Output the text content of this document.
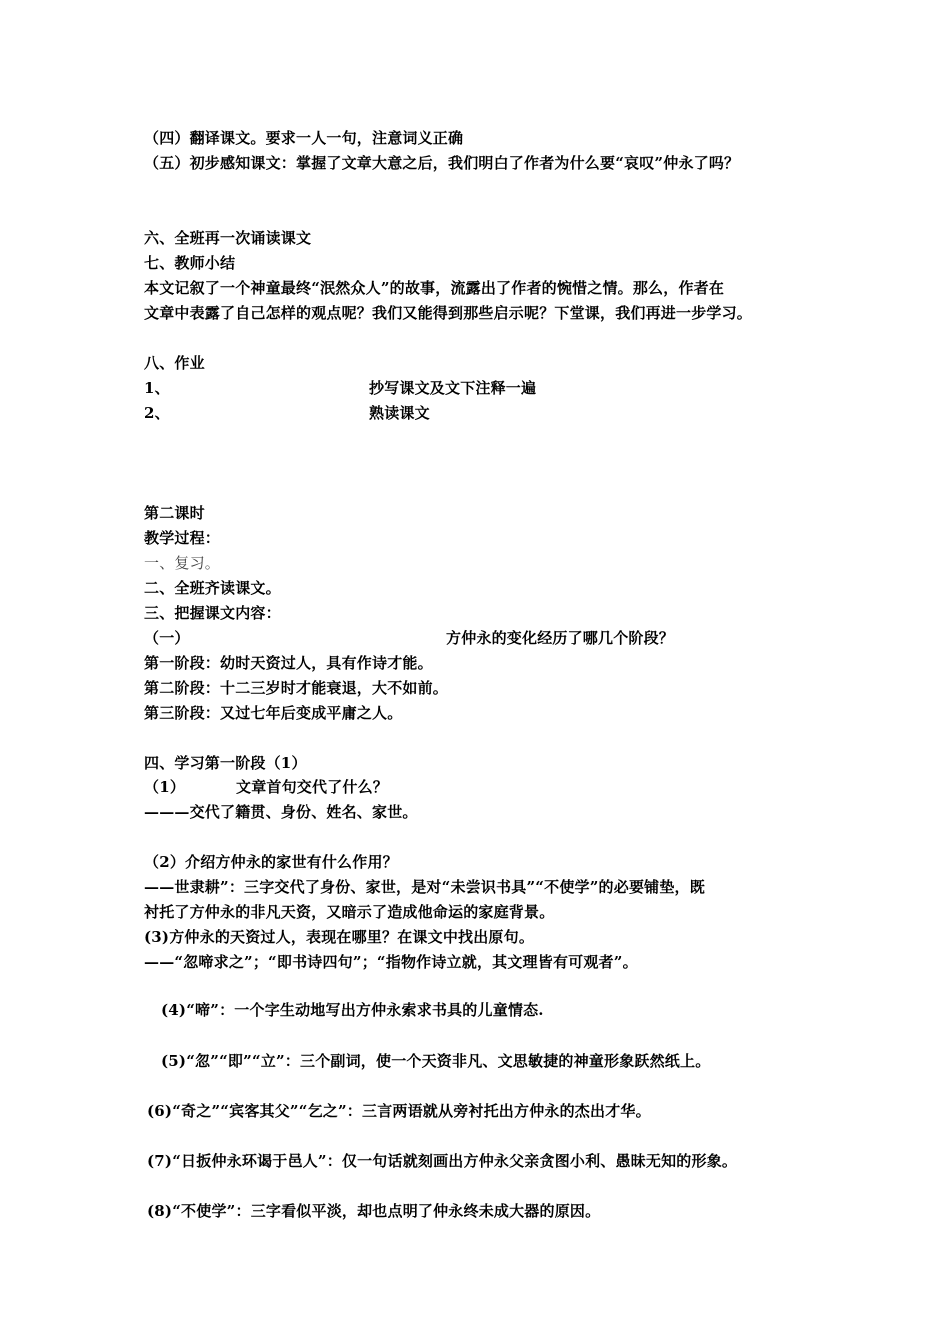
（四）翻译课文。要求一人一句，注意词义正确
（五）初步感知课文：掌握了文章大意之后，我们明白了作者为什么要“哀叹”仲永了吗？
六、全班再一次诵读课文
七、教师小结
本文记叙了一个神童最终“泯然众人”的故事，流露出了作者的惋惜之情。那么，作者在
文章中表露了自己怎样的观点呢？我们又能得到那些启示呢？下堂课，我们再进一步学习。
八、作业
1、	抄写课文及文下注释一遍
2、	熟读课文
第二课时
教学过程：
一、复习。
二、全班齐读课文。
三、把握课文内容：
（一）	方仲永的变化经历了哪几个阶段？
第一阶段：幼时天资过人，具有作诗才能。
第二阶段：十二三岁时才能衰退，大不如前。
第三阶段：又过七年后变成平庸之人。
四、学习第一阶段（1）
（1）	文章首句交代了什么？
———交代了籍贯、身份、姓名、家世。
（2）介绍方仲永的家世有什么作用？
——世隶耕”：三字交代了身份、家世，是对“未尝识书具”“不使学”的必要铺垫，既
衬托了方仲永的非凡天资，又暗示了造成他命运的家庭背景。
(3)方仲永的天资过人，表现在哪里？在课文中找出原句。
——“忽啼求之”；“即书诗四句”；“指物作诗立就，其文理皆有可观者”。
(4)“啼”：一个字生动地写出方仲永索求书具的儿童情态.
(5)“忽”“即”“立”：三个副词，使一个天资非凡、文思敏捷的神童形象跃然纸上。
(6)“奇之”“宾客其父”“乞之”：三言两语就从旁衬托出方仲永的杰出才华。
(7)“日扳仲永环谒于邑人”：仅一句话就刻画出方仲永父亲贪图小利、愚昧无知的形象。
(8)“不使学”：三字看似平淡，却也点明了仲永终未成大器的原因。
